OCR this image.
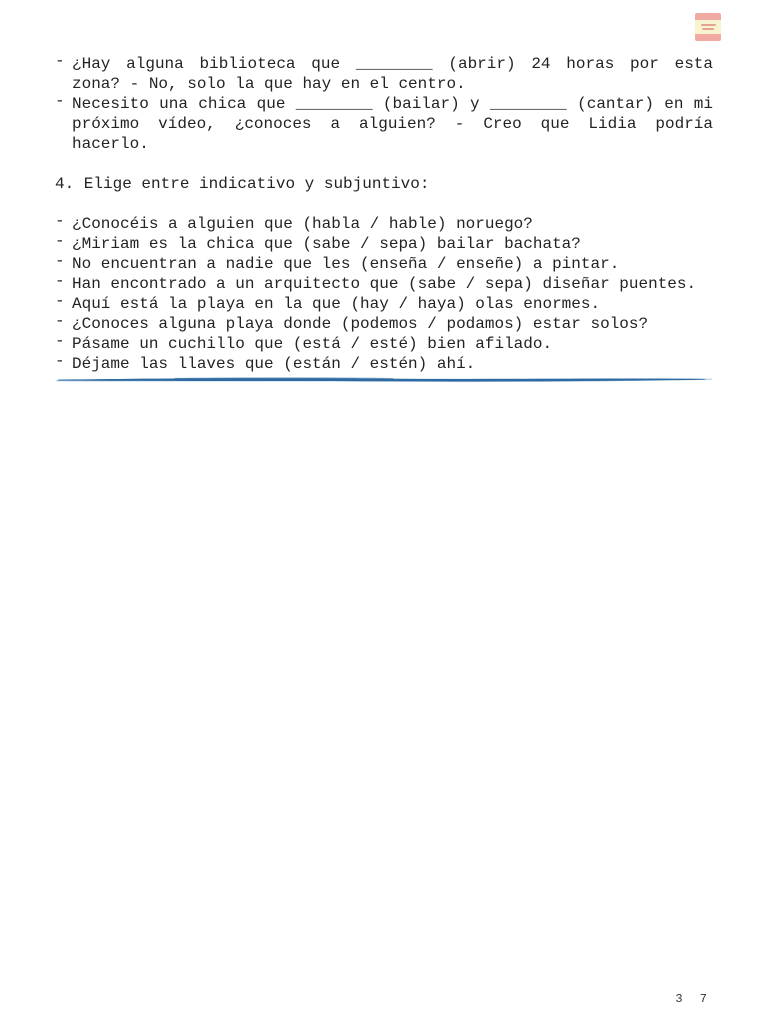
- ¿Hay alguna biblioteca que ________ (abrir) 24 horas por esta zona? - No, solo la que hay en el centro.
- Necesito una chica que ________ (bailar) y ________ (cantar) en mi próximo vídeo, ¿conoces a alguien? - Creo que Lidia podría hacerlo.
4. Elige entre indicativo y subjuntivo:
- ¿Conocéis a alguien que (habla / hable) noruego?
- ¿Miriam es la chica que (sabe / sepa) bailar bachata?
- No encuentran a nadie que les (enseña / enseñe) a pintar.
- Han encontrado a un arquitecto que (sabe / sepa) diseñar puentes.
- Aquí está la playa en la que (hay / haya) olas enormes.
- ¿Conoces alguna playa donde (podemos / podamos) estar solos?
- Pásame un cuchillo que (está / esté) bien afilado.
- Déjame las llaves que (están / estén) ahí.
3 7
